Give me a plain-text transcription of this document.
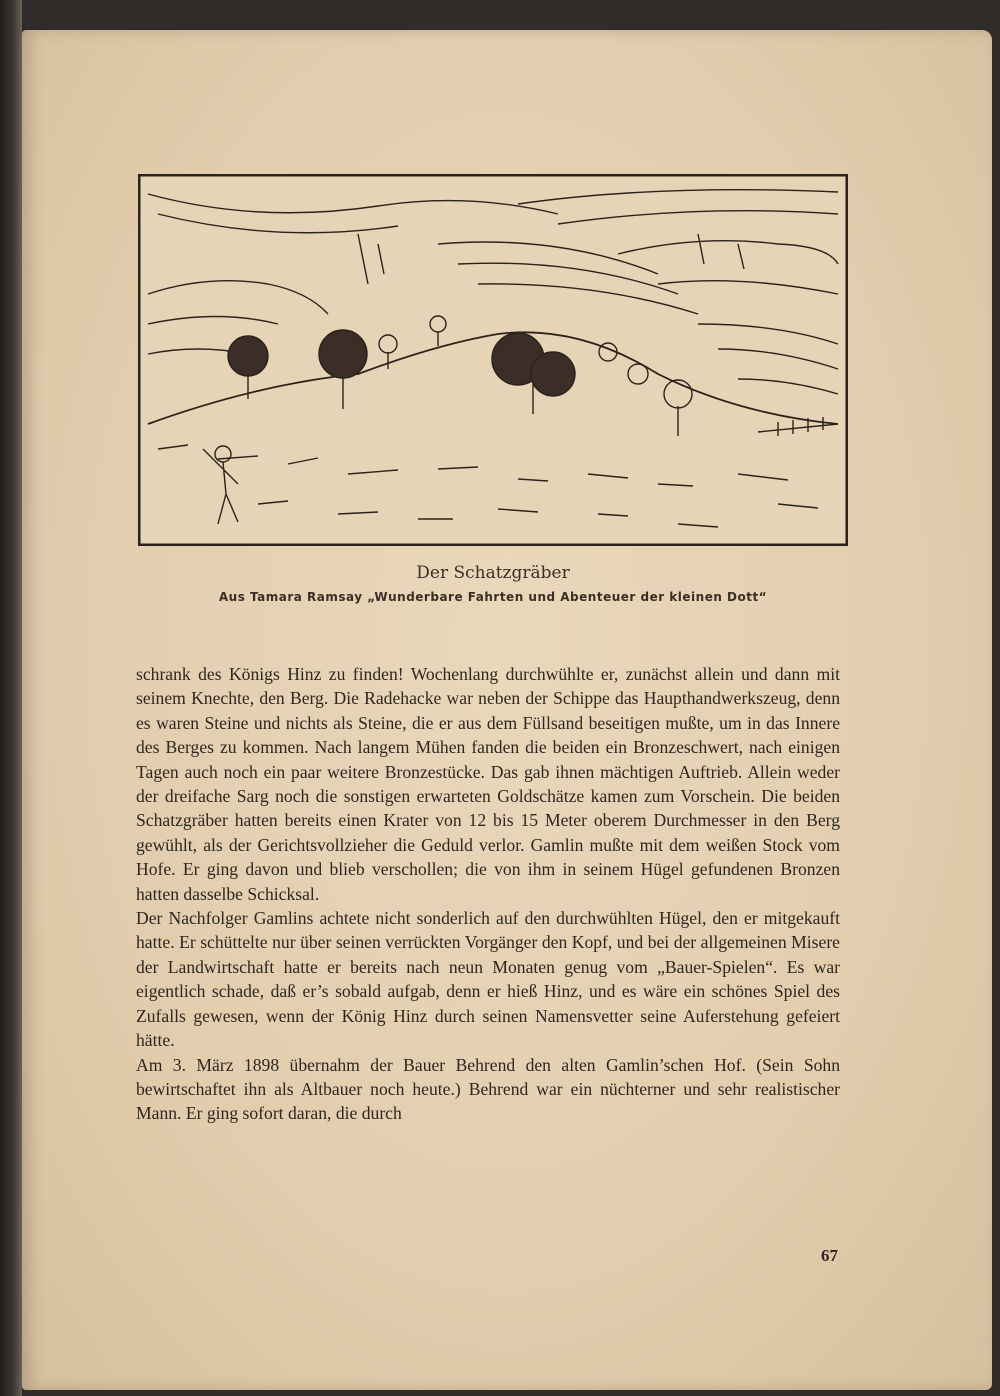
Der Schatzgräber
Aus Tamara Ramsay „Wunderbare Fahrten und Abenteuer der kleinen Dott“

schrank des Königs Hinz zu finden! Wochenlang durchwühlte er, zunächst allein und dann mit seinem Knechte, den Berg. Die Radehacke war neben der Schippe das Haupthandwerkszeug, denn es waren Steine und nichts als Steine, die er aus dem Füllsand beseitigen mußte, um in das Innere des Berges zu kommen. Nach langem Mühen fanden die beiden ein Bronzeschwert, nach einigen Tagen auch noch ein paar weitere Bronzestücke. Das gab ihnen mächtigen Auftrieb. Allein weder der dreifache Sarg noch die sonstigen erwarteten Goldschätze kamen zum Vorschein. Die beiden Schatzgräber hatten bereits einen Krater von 12 bis 15 Meter oberem Durchmesser in den Berg gewühlt, als der Gerichtsvollzieher die Geduld verlor. Gamlin mußte mit dem weißen Stock vom Hofe. Er ging davon und blieb verschollen; die von ihm in seinem Hügel gefundenen Bronzen hatten dasselbe Schicksal.

Der Nachfolger Gamlins achtete nicht sonderlich auf den durchwühlten Hügel, den er mitgekauft hatte. Er schüttelte nur über seinen verrückten Vorgänger den Kopf, und bei der allgemeinen Misere der Landwirtschaft hatte er bereits nach neun Monaten genug vom „Bauer-Spielen“. Es war eigentlich schade, daß er’s sobald aufgab, denn er hieß Hinz, und es wäre ein schönes Spiel des Zufalls gewesen, wenn der König Hinz durch seinen Namensvetter seine Auferstehung gefeiert hätte.

Am 3. März 1898 übernahm der Bauer Behrend den alten Gamlin’schen Hof. (Sein Sohn bewirtschaftet ihn als Altbauer noch heute.) Behrend war ein nüchterner und sehr realistischer Mann. Er ging sofort daran, die durch

67
